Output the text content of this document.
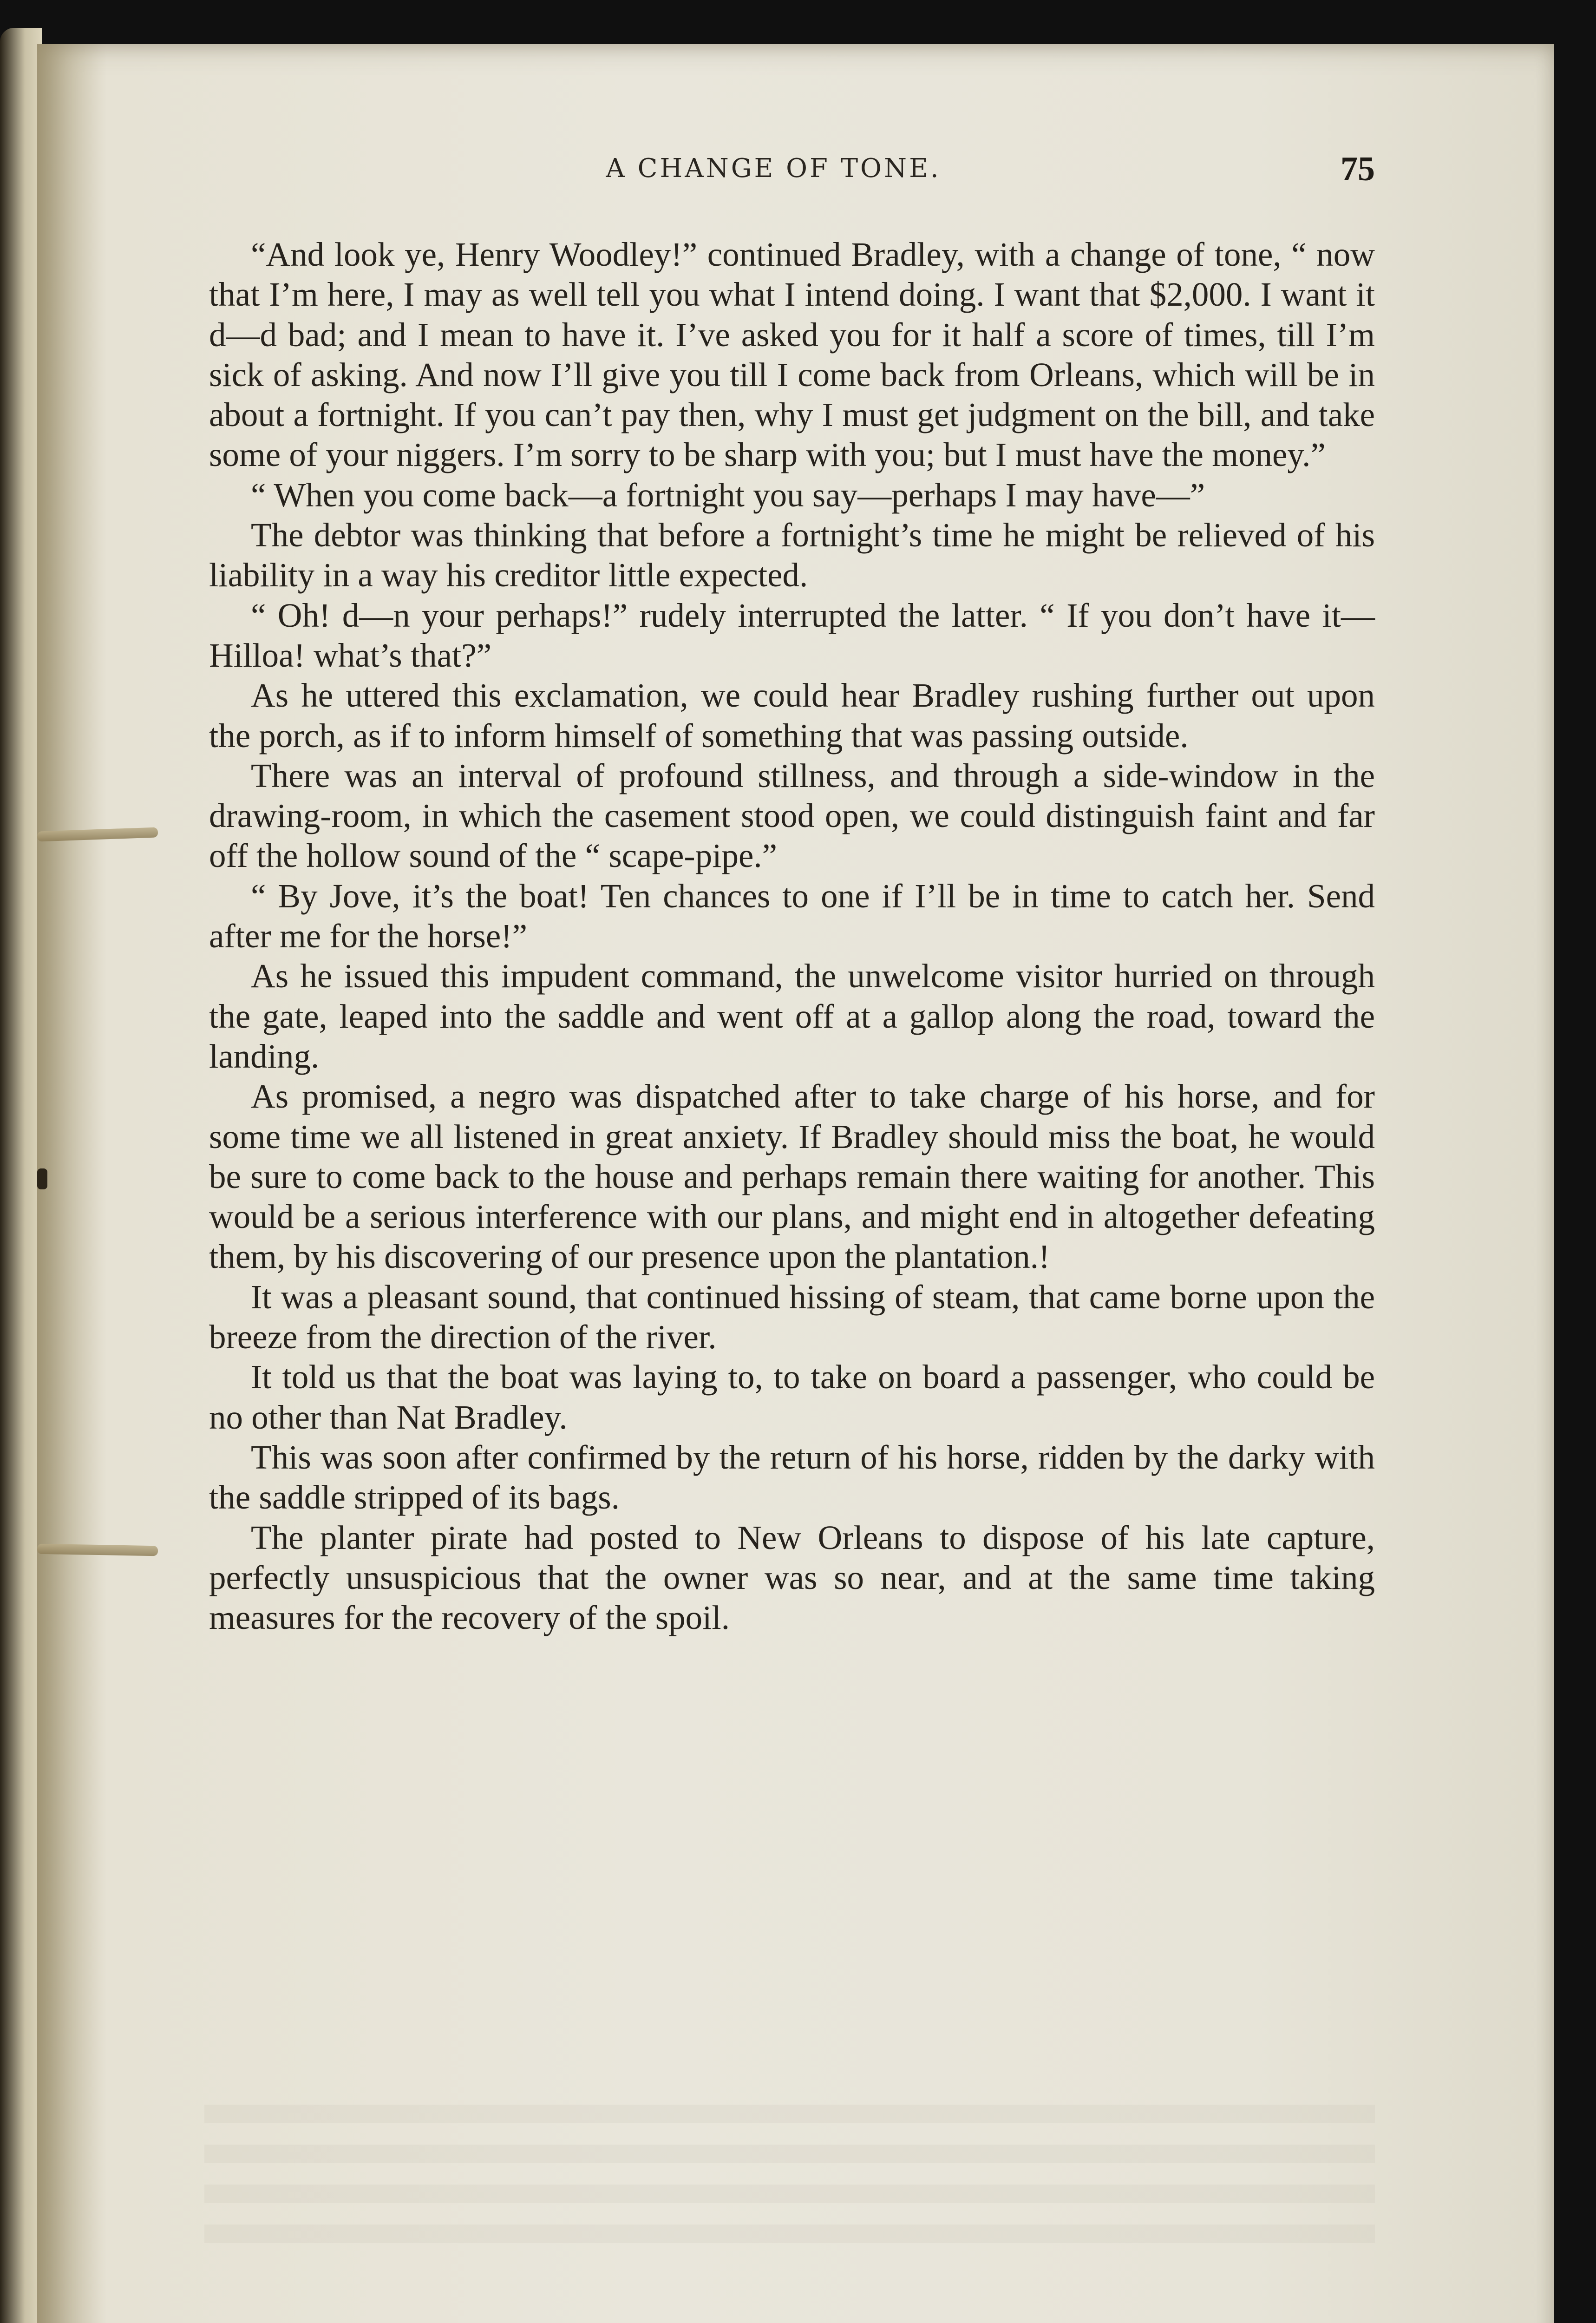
A CHANGE OF TONE.	75

“And look ye, Henry Woodley!” continued Bradley, with a change of tone, “ now that I’m here, I may as well tell you what I intend doing. I want that $2,000. I want it d—d bad; and I mean to have it. I’ve asked you for it half a score of times, till I’m sick of asking. And now I’ll give you till I come back from Orleans, which will be in about a fortnight. If you can’t pay then, why I must get judgment on the bill, and take some of your niggers. I’m sorry to be sharp with you; but I must have the money.”

“ When you come back—a fortnight you say—perhaps I may have—”

The debtor was thinking that before a fortnight’s time he might be relieved of his liability in a way his creditor little expected.

“ Oh! d—n your perhaps!” rudely interrupted the latter. “ If you don’t have it—Hilloa! what’s that?”

As he uttered this exclamation, we could hear Bradley rushing further out upon the porch, as if to inform himself of something that was passing outside.

There was an interval of profound stillness, and through a side-window in the drawing-room, in which the casement stood open, we could distinguish faint and far off the hollow sound of the “ scape-pipe.”

“ By Jove, it’s the boat! Ten chances to one if I’ll be in time to catch her. Send after me for the horse!”

As he issued this impudent command, the unwelcome visitor hurried on through the gate, leaped into the saddle and went off at a gallop along the road, toward the landing.

As promised, a negro was dispatched after to take charge of his horse, and for some time we all listened in great anxiety. If Bradley should miss the boat, he would be sure to come back to the house and perhaps remain there waiting for another. This would be a serious interference with our plans, and might end in altogether defeating them, by his discovering of our presence upon the plantation.!

It was a pleasant sound, that continued hissing of steam, that came borne upon the breeze from the direction of the river.

It told us that the boat was laying to, to take on board a passenger, who could be no other than Nat Bradley.

This was soon after confirmed by the return of his horse, ridden by the darky with the saddle stripped of its bags.

The planter pirate had posted to New Orleans to dispose of his late capture, perfectly unsuspicious that the owner was so near, and at the same time taking measures for the recovery of the spoil.
